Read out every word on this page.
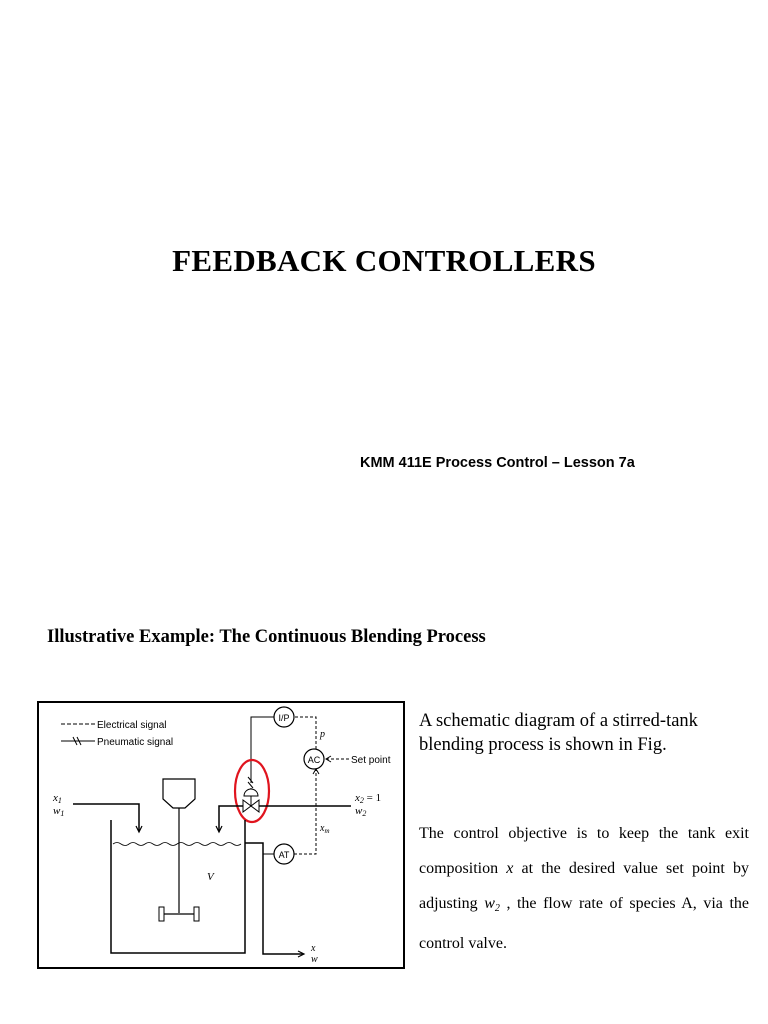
FEEDBACK CONTROLLERS
KMM 411E Process Control – Lesson 7a
Illustrative Example: The Continuous Blending Process
Electrical signal
Pneumatic signal
I/P
AC
AT
p
Set point
$x_m$
x2 = 1
w2
x1
w1
V
x
w
A schematic diagram of a stirred-tank blending process is shown in Fig.
The control objective is to keep the tank exit composition x at the desired value set point by adjusting $w_2$ , the flow rate of species A, via the control valve.
